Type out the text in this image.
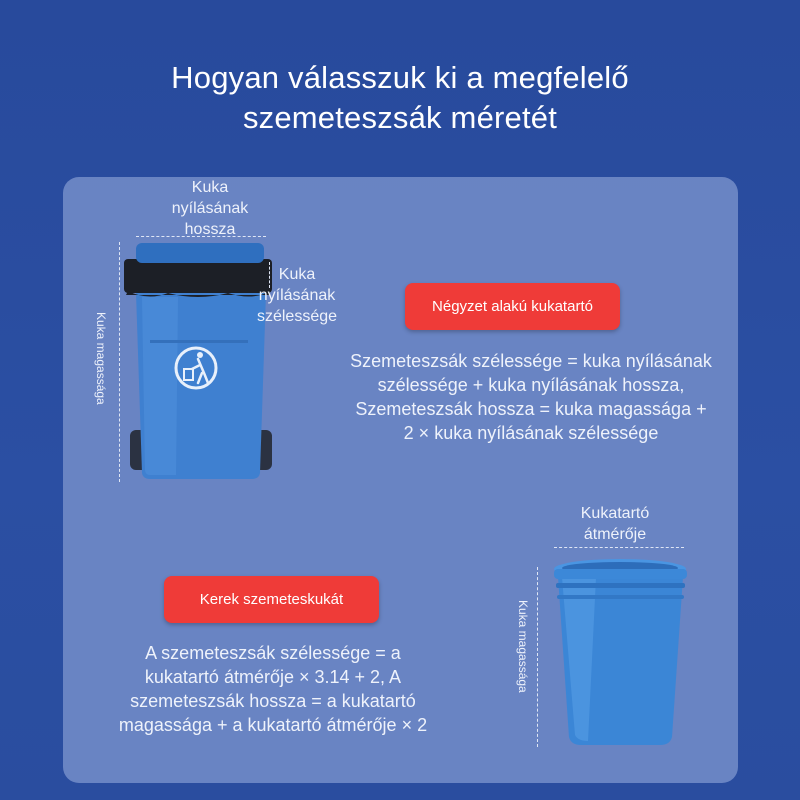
Hogyan válasszuk ki a megfelelő
szemeteszsák méretét
Kuka
nyílásának
hossza
Kuka
nyílásának
szélessége
Kuka magassága
Négyzet alakú kukatartó
Szemeteszsák szélessége = kuka nyílásának
szélessége + kuka nyílásának hossza,
Szemeteszsák hossza = kuka magassága +
2 × kuka nyílásának szélessége
Kerek szemeteskukát
A szemeteszsák szélessége = a
kukatartó átmérője × 3.14 + 2, A
szemeteszsák hossza = a kukatartó
magassága + a kukatartó átmérője × 2
Kukatartó
átmérője
Kuka magassága
